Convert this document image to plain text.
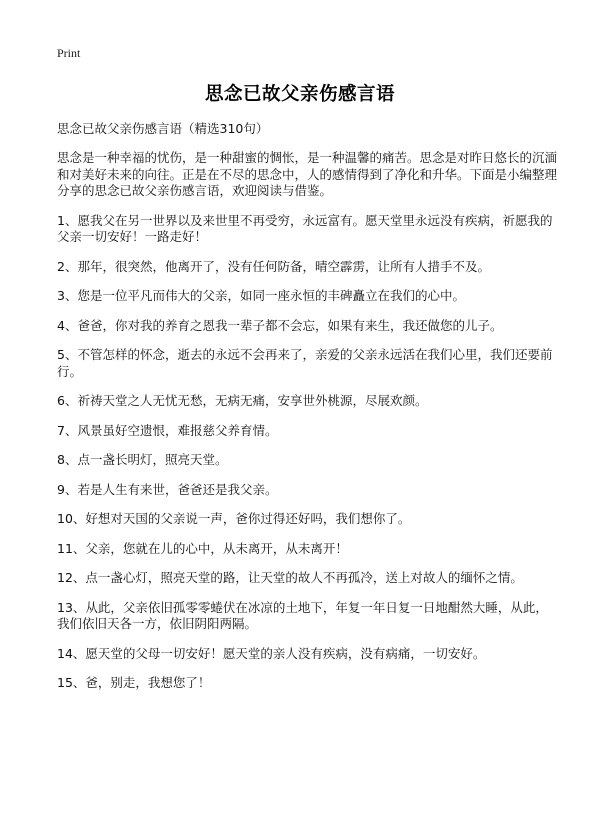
Print
思念已故父亲伤感言语

思念已故父亲伤感言语（精选310句）

思念是一种幸福的忧伤，是一种甜蜜的惆怅，是一种温馨的痛苦。思念是对昨日悠长的沉湎和对美好未来的向往。正是在不尽的思念中，人的感情得到了净化和升华。下面是小编整理分享的思念已故父亲伤感言语，欢迎阅读与借鉴。

1、愿我父在另一世界以及来世里不再受穷，永远富有。愿天堂里永远没有疾病，祈愿我的父亲一切安好！一路走好！
2、那年，很突然，他离开了，没有任何防备，晴空霹雳，让所有人措手不及。
3、您是一位平凡而伟大的父亲，如同一座永恒的丰碑矗立在我们的心中。
4、爸爸，你对我的养育之恩我一辈子都不会忘，如果有来生，我还做您的儿子。
5、不管怎样的怀念，逝去的永远不会再来了，亲爱的父亲永远活在我们心里，我们还要前行。
6、祈祷天堂之人无忧无愁，无病无痛，安享世外桃源，尽展欢颜。
7、风景虽好空遗恨，难报慈父养育情。
8、点一盏长明灯，照亮天堂。
9、若是人生有来世，爸爸还是我父亲。
10、好想对天国的父亲说一声，爸你过得还好吗，我们想你了。
11、父亲，您就在儿的心中，从未离开，从未离开！
12、点一盏心灯，照亮天堂的路，让天堂的故人不再孤冷，送上对故人的缅怀之情。
13、从此，父亲依旧孤零零蜷伏在冰凉的土地下，年复一年日复一日地酣然大睡，从此，我们依旧天各一方，依旧阴阳两隔。
14、愿天堂的父母一切安好！愿天堂的亲人没有疾病，没有病痛，一切安好。
15、爸，别走，我想您了！
